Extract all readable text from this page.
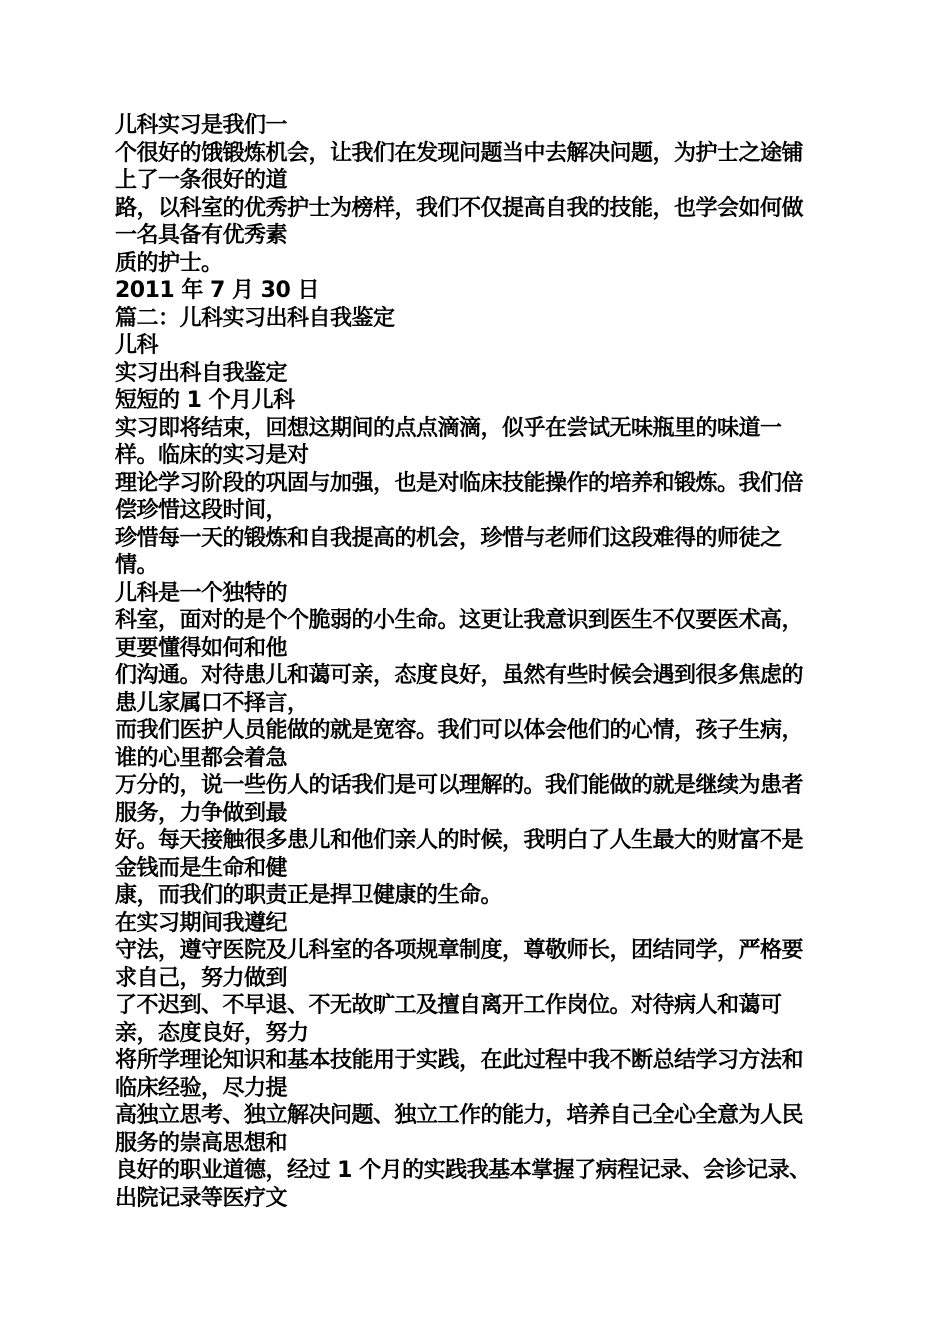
儿科实习是我们一
个很好的饿锻炼机会，让我们在发现问题当中去解决问题，为护士之途铺上了一条很好的道
路，以科室的优秀护士为榜样，我们不仅提高自我的技能，也学会如何做一名具备有优秀素
质的护士。
2011 年 7 月 30 日
篇二：儿科实习出科自我鉴定
儿科
实习出科自我鉴定
短短的 1 个月儿科
实习即将结束，回想这期间的点点滴滴，似乎在尝试无味瓶里的味道一样。临床的实习是对
理论学习阶段的巩固与加强，也是对临床技能操作的培养和锻炼。我们倍偿珍惜这段时间，
珍惜每一天的锻炼和自我提高的机会，珍惜与老师们这段难得的师徒之情。
儿科是一个独特的
科室，面对的是个个脆弱的小生命。这更让我意识到医生不仅要医术高，更要懂得如何和他
们沟通。对待患儿和蔼可亲，态度良好，虽然有些时候会遇到很多焦虑的患儿家属口不择言，
而我们医护人员能做的就是宽容。我们可以体会他们的心情，孩子生病，谁的心里都会着急
万分的，说一些伤人的话我们是可以理解的。我们能做的就是继续为患者服务，力争做到最
好。每天接触很多患儿和他们亲人的时候，我明白了人生最大的财富不是金钱而是生命和健
康，而我们的职责正是捍卫健康的生命。
在实习期间我遵纪
守法，遵守医院及儿科室的各项规章制度，尊敬师长，团结同学，严格要求自己，努力做到
了不迟到、不早退、不无故旷工及擅自离开工作岗位。对待病人和蔼可亲，态度良好，努力
将所学理论知识和基本技能用于实践，在此过程中我不断总结学习方法和临床经验，尽力提
高独立思考、独立解决问题、独立工作的能力，培养自己全心全意为人民服务的崇高思想和
良好的职业道德，经过 1 个月的实践我基本掌握了病程记录、会诊记录、出院记录等医疗文
